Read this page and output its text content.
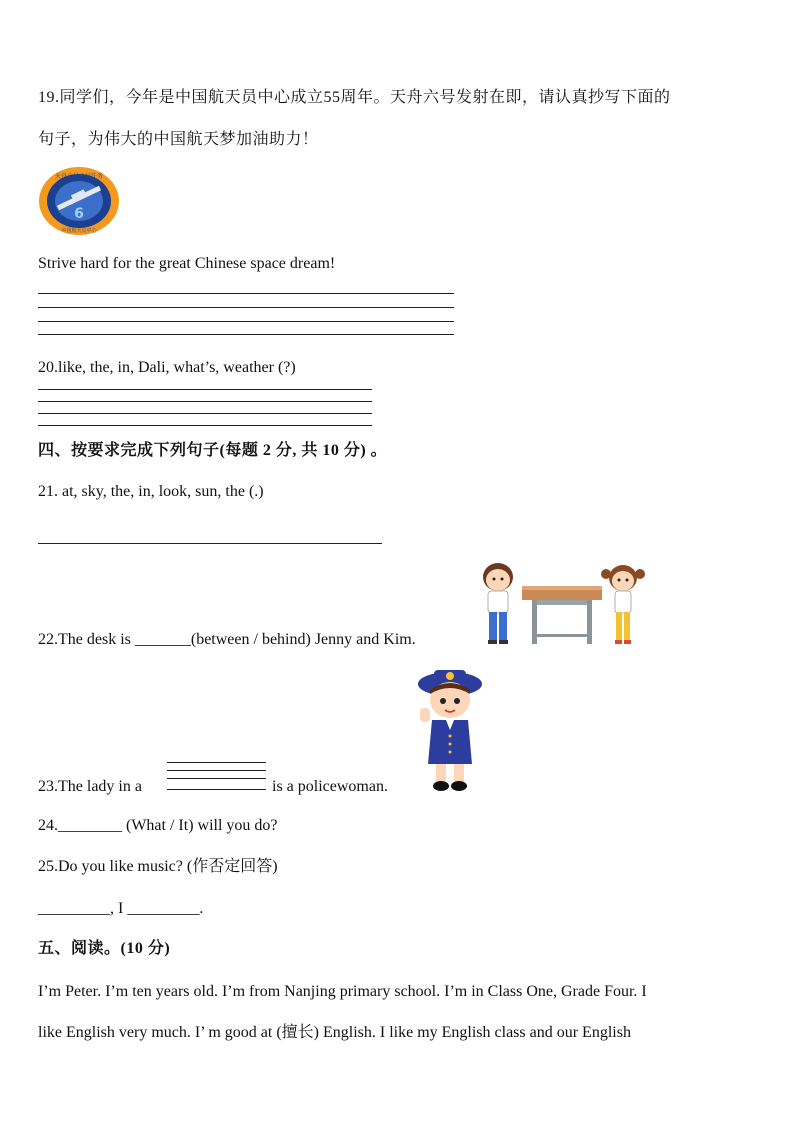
19.同学们，今年是中国航天员中心成立55周年。天舟六号发射在即，请认真抄写下面的
句子，为伟大的中国航天梦加油助力！
6
天舟六号飞行任务
中国航天员中心
Strive hard for the great Chinese space dream!
20.like, the, in, Dali, what’s, weather (?)
四、按要求完成下列句子(每题 2 分, 共 10 分) 。
21. at, sky, the, in, look, sun, the (.)
22.The desk is _______(between / behind) Jenny and Kim.
23.The lady in a	is a policewoman.
24.________ (What / It) will you do?
25.Do you like music? (作否定回答)
_________, I _________.
五、阅读。(10 分)
I’m Peter. I’m ten years old. I’m from Nanjing primary school. I’m in Class One, Grade Four. I
like English very much. I’ m good at (擅长) English. I like my English class and our English
